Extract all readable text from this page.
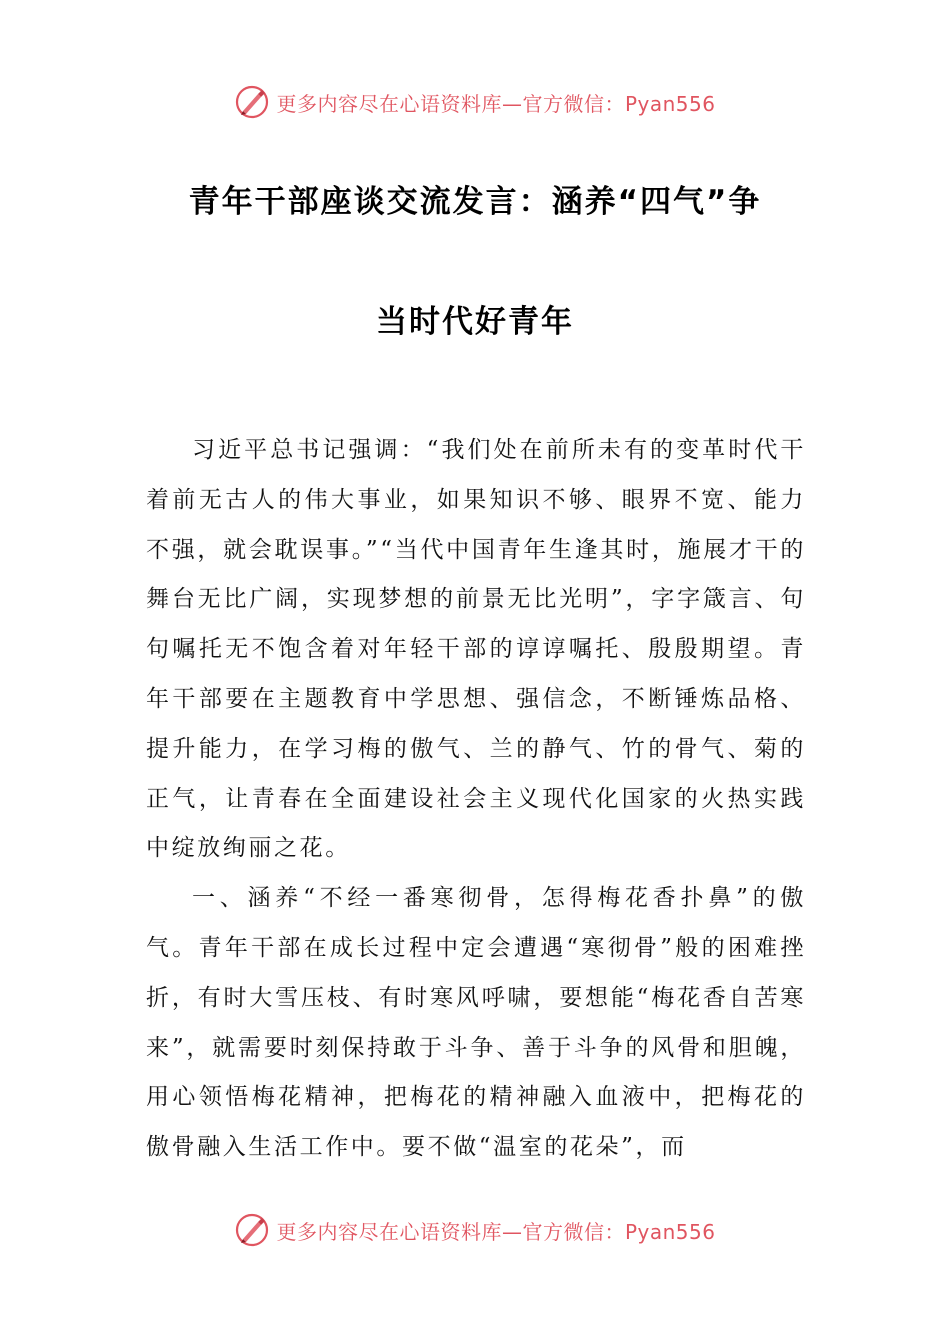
更多内容尽在心语资料库—官方微信：Pyan556
青年干部座谈交流发言：涵养“四气”争
当时代好青年

习近平总书记强调：“我们处在前所未有的变革时代干着前无古人的伟大事业，如果知识不够、眼界不宽、能力不强，就会耽误事。”“当代中国青年生逢其时，施展才干的舞台无比广阔，实现梦想的前景无比光明”，字字箴言、句句嘱托无不饱含着对年轻干部的谆谆嘱托、殷殷期望。青年干部要在主题教育中学思想、强信念，不断锤炼品格、提升能力，在学习梅的傲气、兰的静气、竹的骨气、菊的正气，让青春在全面建设社会主义现代化国家的火热实践中绽放绚丽之花。

一、涵养“不经一番寒彻骨，怎得梅花香扑鼻”的傲气。青年干部在成长过程中定会遭遇“寒彻骨”般的困难挫折，有时大雪压枝、有时寒风呼啸，要想能“梅花香自苦寒来”，就需要时刻保持敢于斗争、善于斗争的风骨和胆魄，用心领悟梅花精神，把梅花的精神融入血液中，把梅花的傲骨融入生活工作中。要不做“温室的花朵”，而

更多内容尽在心语资料库—官方微信：Pyan556
